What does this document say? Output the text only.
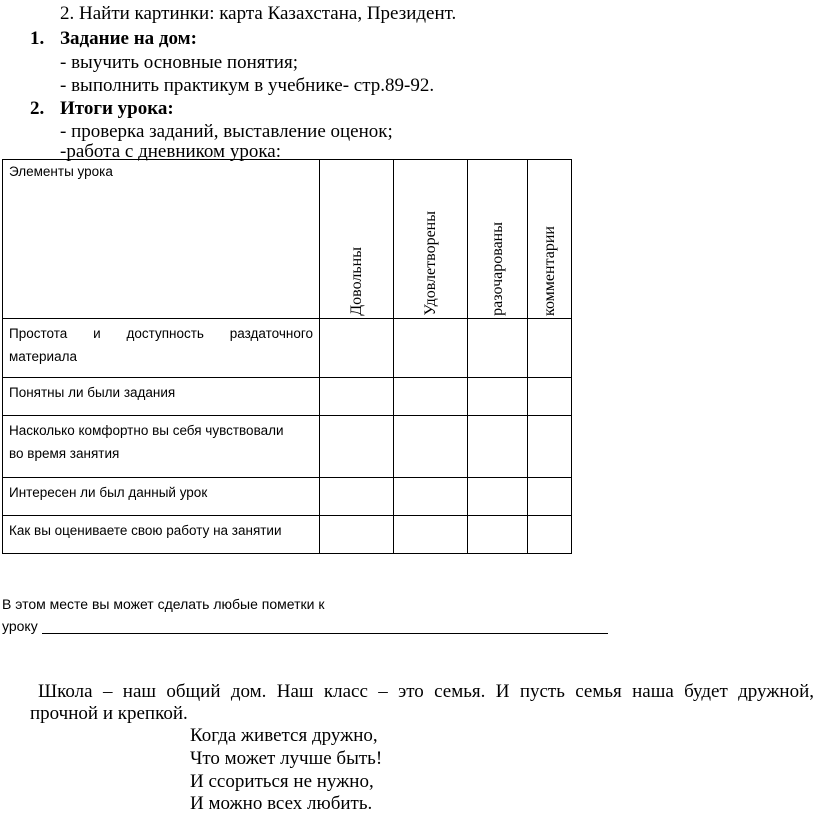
2. Найти картинки: карта Казахстана, Президент.
1. Задание на дом:
- выучить основные понятия;
- выполнить практикум в учебнике- стр.89-92.
2. Итоги урока:
- проверка заданий, выставление оценок;
-работа с дневником урока:
Элементы урока	Довольны	Удовлетворены	разочарованы	комментарии

Простота и доступность раздаточного
материала				

Понятны ли были задания				

Насколько комфортно вы себя чувствовали
во время занятия				

Интересен ли был данный урок				

Как вы оцениваете свою работу на занятии				

В этом месте вы может сделать любые пометки к
уроку
Школа – наш общий дом. Наш класс – это семья. И пусть семья наша будет дружной,
прочной и крепкой.
Когда живется дружно,
Что может лучше быть!
И ссориться не нужно,
И можно всех любить.
